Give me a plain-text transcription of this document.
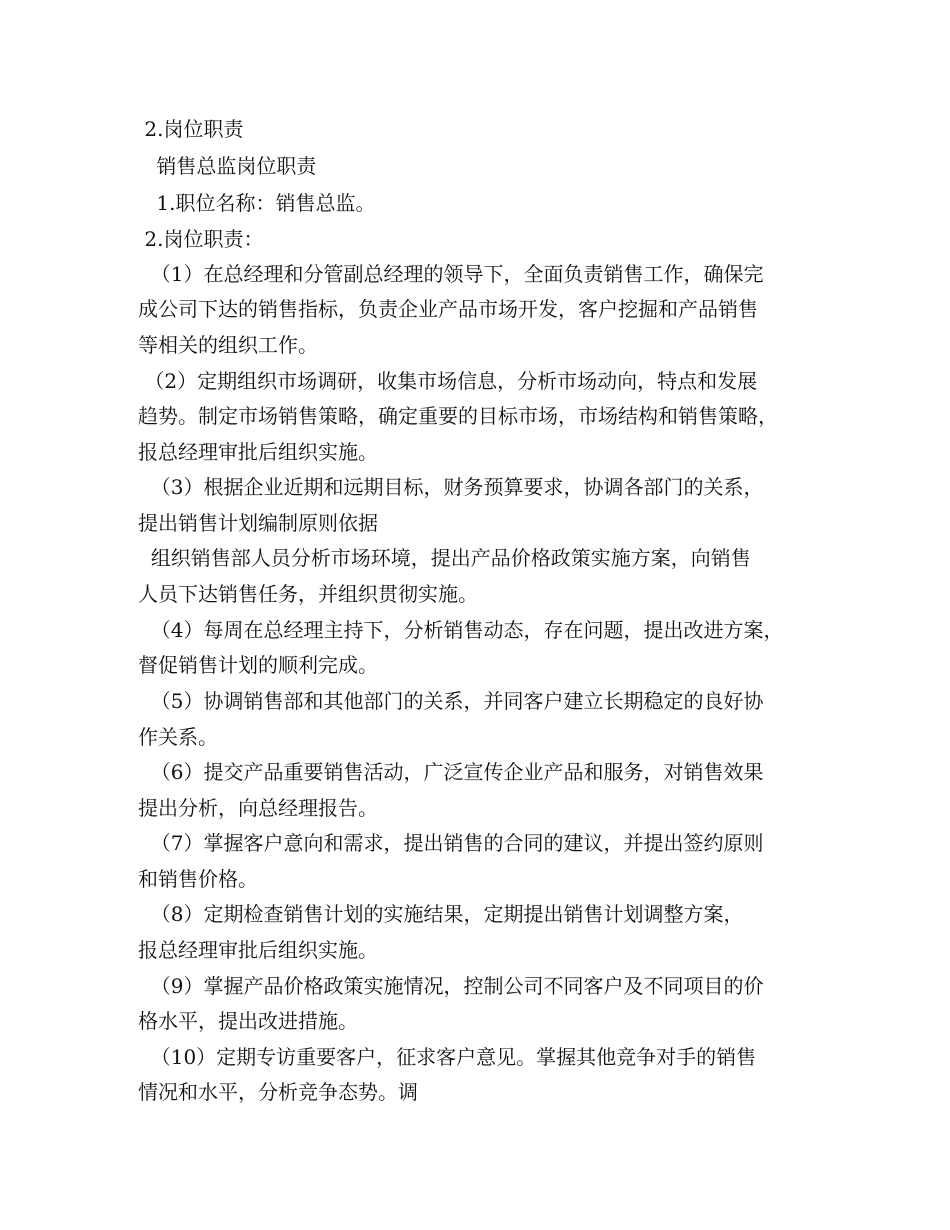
2.岗位职责
销售总监岗位职责
1.职位名称：销售总监。
2.岗位职责：
（1）在总经理和分管副总经理的领导下，全面负责销售工作，确保完
成公司下达的销售指标，负责企业产品市场开发，客户挖掘和产品销售
等相关的组织工作。
（2）定期组织市场调研，收集市场信息，分析市场动向，特点和发展
趋势。制定市场销售策略，确定重要的目标市场，市场结构和销售策略，
报总经理审批后组织实施。
（3）根据企业近期和远期目标，财务预算要求，协调各部门的关系，
提出销售计划编制原则依据
组织销售部人员分析市场环境，提出产品价格政策实施方案，向销售
人员下达销售任务，并组织贯彻实施。
（4）每周在总经理主持下，分析销售动态，存在问题，提出改进方案，
督促销售计划的顺利完成。
（5）协调销售部和其他部门的关系，并同客户建立长期稳定的良好协
作关系。
（6）提交产品重要销售活动，广泛宣传企业产品和服务，对销售效果
提出分析，向总经理报告。
（7）掌握客户意向和需求，提出销售的合同的建议，并提出签约原则
和销售价格。
（8）定期检查销售计划的实施结果，定期提出销售计划调整方案，
报总经理审批后组织实施。
（9）掌握产品价格政策实施情况，控制公司不同客户及不同项目的价
格水平，提出改进措施。
（10）定期专访重要客户，征求客户意见。掌握其他竞争对手的销售
情况和水平，分析竞争态势。调
